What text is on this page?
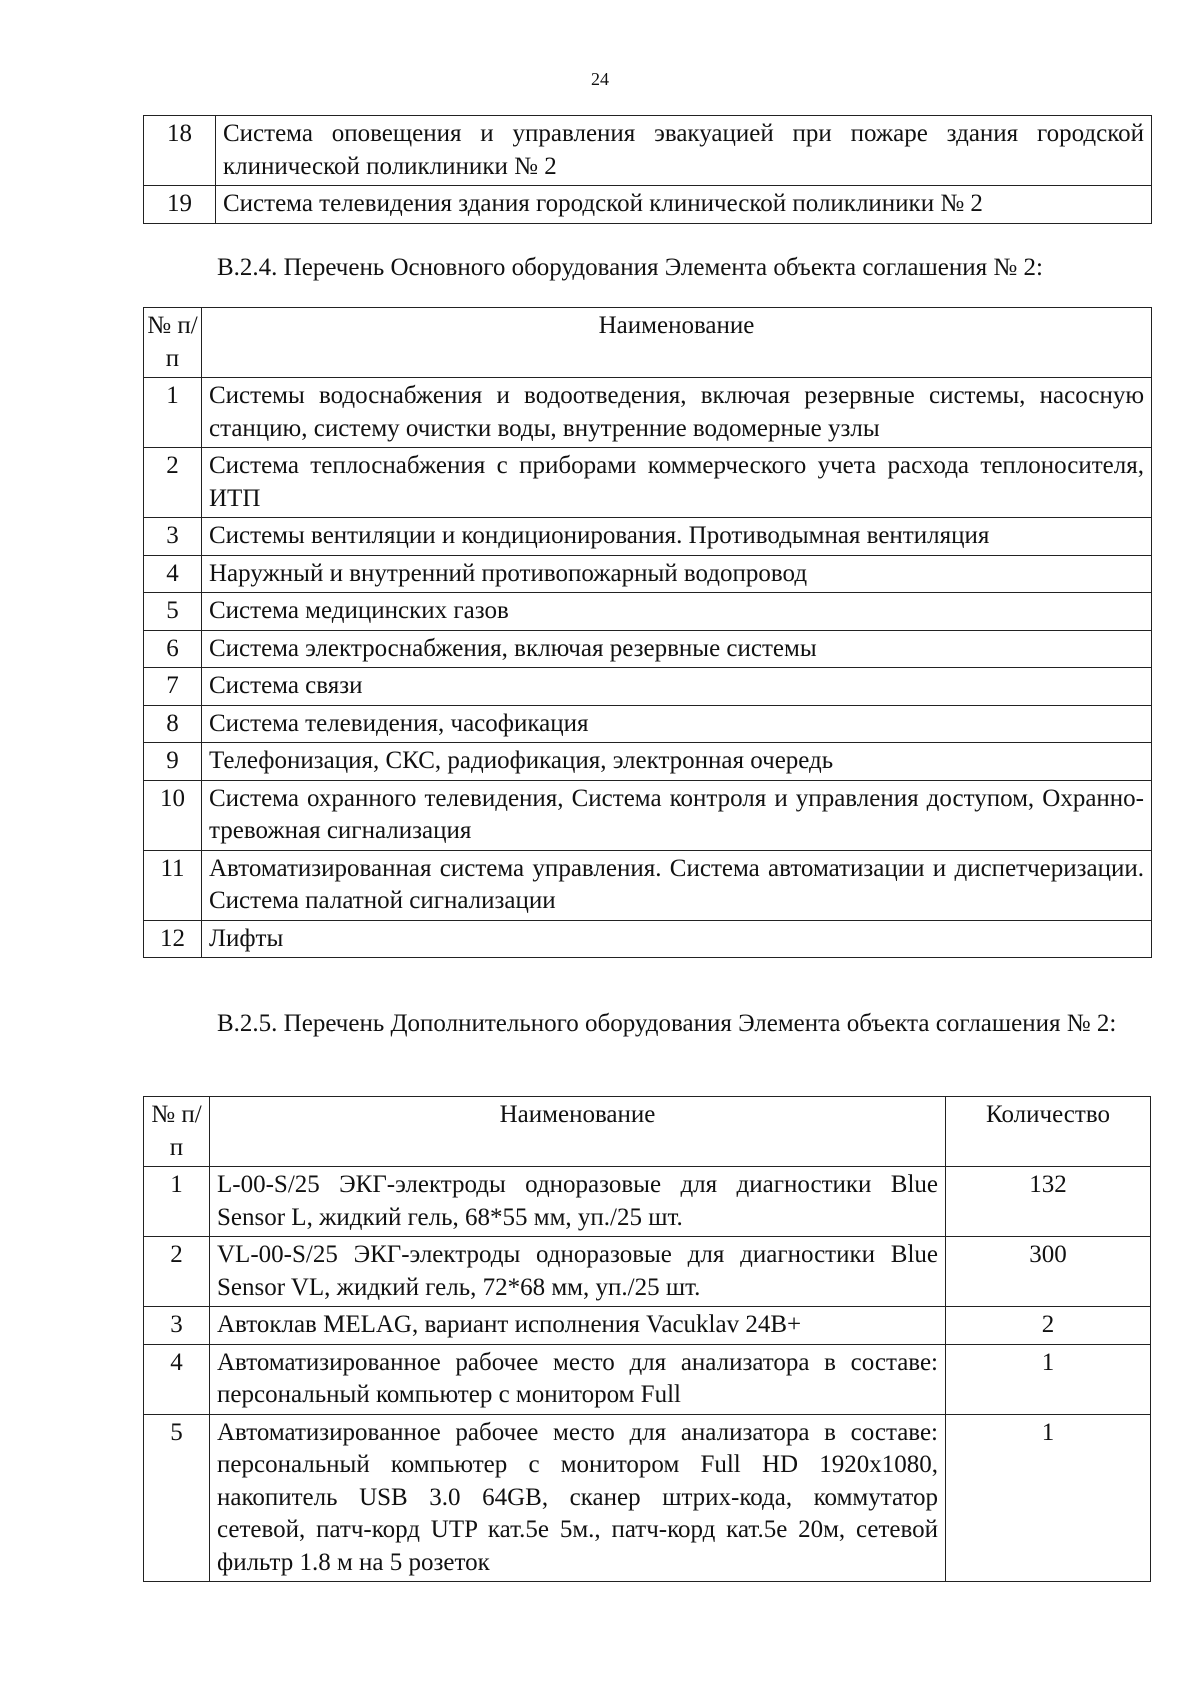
24
18	Система оповещения и управления эвакуацией при пожаре здания городской клинической поликлиники № 2
19	Система телевидения здания городской клинической поликлиники № 2
В.2.4. Перечень Основного оборудования Элемента объекта соглашения № 2:
№ п/п	Наименование
1	Системы водоснабжения и водоотведения, включая резервные системы, насосную станцию, систему очистки воды, внутренние водомерные узлы
2	Система теплоснабжения с приборами коммерческого учета расхода теплоносителя, ИТП
3	Системы вентиляции и кондиционирования. Противодымная вентиляция
4	Наружный и внутренний противопожарный водопровод
5	Система медицинских газов
6	Система электроснабжения, включая резервные системы
7	Система связи
8	Система телевидения, часофикация
9	Телефонизация, СКС, радиофикация, электронная очередь
10	Система охранного телевидения, Система контроля и управления доступом, Охранно-тревожная сигнализация
11	Автоматизированная система управления. Система автоматизации и диспетчеризации. Система палатной сигнализации
12	Лифты
В.2.5. Перечень Дополнительного оборудования Элемента объекта соглашения № 2:
№ п/п	Наименование	Количество
1	L-00-S/25 ЭКГ-электроды одноразовые для диагностики Blue Sensor L, жидкий гель, 68*55 мм, уп./25 шт.	132
2	VL-00-S/25 ЭКГ-электроды одноразовые для диагностики Blue Sensor VL, жидкий гель, 72*68 мм, уп./25 шт.	300
3	Автоклав MELAG, вариант исполнения Vacuklav 24B+	2
4	Автоматизированное рабочее место для анализатора в составе: персональный компьютер с монитором Full	1
5	Автоматизированное рабочее место для анализатора в составе: персональный компьютер с монитором Full HD 1920x1080, накопитель USB 3.0 64GB, сканер штрих-кода, коммутатор сетевой, патч-корд UTP кат.5е 5м., патч-корд кат.5е 20м, сетевой фильтр 1.8 м на 5 розеток	1
